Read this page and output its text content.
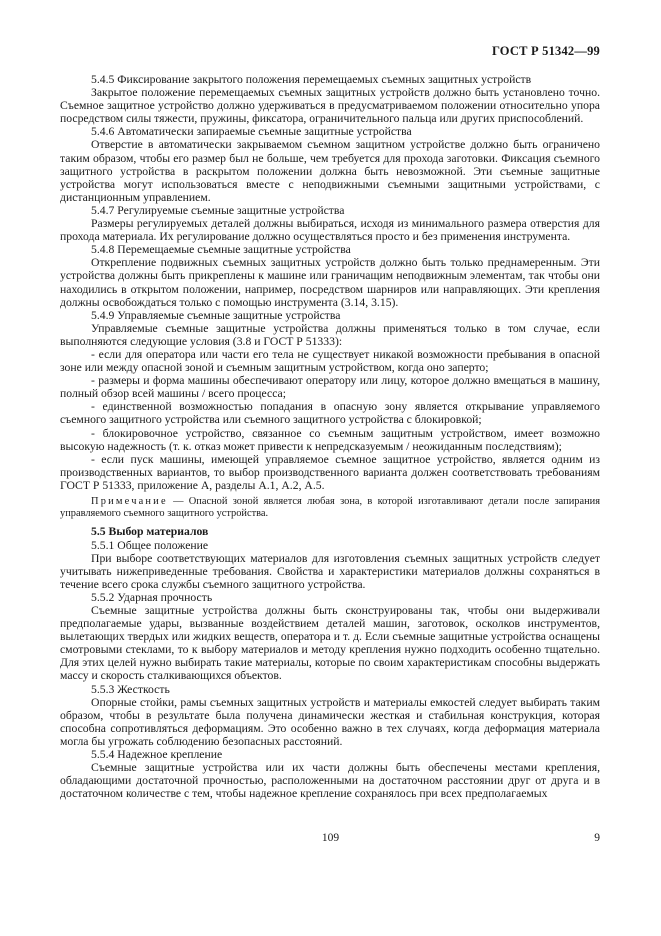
ГОСТ Р 51342—99

5.4.5 Фиксирование закрытого положения перемещаемых съемных защитных устройств

Закрытое положение перемещаемых съемных защитных устройств должно быть установлено точно. Съемное защитное устройство должно удерживаться в предусматриваемом положении относительно упора посредством силы тяжести, пружины, фиксатора, ограничительного пальца или других приспособлений.

5.4.6 Автоматически запираемые съемные защитные устройства

Отверстие в автоматически закрываемом съемном защитном устройстве должно быть ограничено таким образом, чтобы его размер был не больше, чем требуется для прохода заготовки. Фиксация съемного защитного устройства в раскрытом положении должна быть невозможной. Эти съемные защитные устройства могут использоваться вместе с неподвижными съемными защитными устройствами, с дистанционным управлением.

5.4.7 Регулируемые съемные защитные устройства

Размеры регулируемых деталей должны выбираться, исходя из минимального размера отверстия для прохода материала. Их регулирование должно осуществляться просто и без применения инструмента.

5.4.8 Перемещаемые съемные защитные устройства

Открепление подвижных съемных защитных устройств должно быть только преднамеренным. Эти устройства должны быть прикреплены к машине или граничащим неподвижным элементам, так чтобы они находились в открытом положении, например, посредством шарниров или направляющих. Эти крепления должны освобождаться только с помощью инструмента (3.14, 3.15).

5.4.9 Управляемые съемные защитные устройства

Управляемые съемные защитные устройства должны применяться только в том случае, если выполняются следующие условия (3.8 и ГОСТ Р 51333):

- если для оператора или части его тела не существует никакой возможности пребывания в опасной зоне или между опасной зоной и съемным защитным устройством, когда оно заперто;

- размеры и форма машины обеспечивают оператору или лицу, которое должно вмещаться в машину, полный обзор всей машины / всего процесса;

- единственной возможностью попадания в опасную зону является открывание управляемого съемного защитного устройства или съемного защитного устройства с блокировкой;

- блокировочное устройство, связанное со съемным защитным устройством, имеет возможно высокую надежность (т. к. отказ может привести к непредсказуемым / неожиданным последствиям);

- если пуск машины, имеющей управляемое съемное защитное устройство, является одним из производственных вариантов, то выбор производственного варианта должен соответствовать требованиям ГОСТ Р 51333, приложение А, разделы А.1, А.2, А.5.

Примечание — Опасной зоной является любая зона, в которой изготавливают детали после запирания управляемого съемного защитного устройства.

5.5 Выбор материалов

5.5.1 Общее положение

При выборе соответствующих материалов для изготовления съемных защитных устройств следует учитывать нижеприведенные требования. Свойства и характеристики материалов должны сохраняться в течение всего срока службы съемного защитного устройства.

5.5.2 Ударная прочность

Съемные защитные устройства должны быть сконструированы так, чтобы они выдерживали предполагаемые удары, вызванные воздействием деталей машин, заготовок, осколков инструментов, вылетающих твердых или жидких веществ, оператора и т. д. Если съемные защитные устройства оснащены смотровыми стеклами, то к выбору материалов и методу крепления нужно подходить особенно тщательно. Для этих целей нужно выбирать такие материалы, которые по своим характеристикам способны выдержать массу и скорость сталкивающихся объектов.

5.5.3 Жесткость

Опорные стойки, рамы съемных защитных устройств и материалы емкостей следует выбирать таким образом, чтобы в результате была получена динамически жесткая и стабильная конструкция, которая способна сопротивляться деформациям. Это особенно важно в тех случаях, когда деформация материала могла бы угрожать соблюдению безопасных расстояний.

5.5.4 Надежное крепление

Съемные защитные устройства или их части должны быть обеспечены местами крепления, обладающими достаточной прочностью, расположенными на достаточном расстоянии друг от друга и в достаточном количестве с тем, чтобы надежное крепление сохранялось при всех предполагаемых

109	9
